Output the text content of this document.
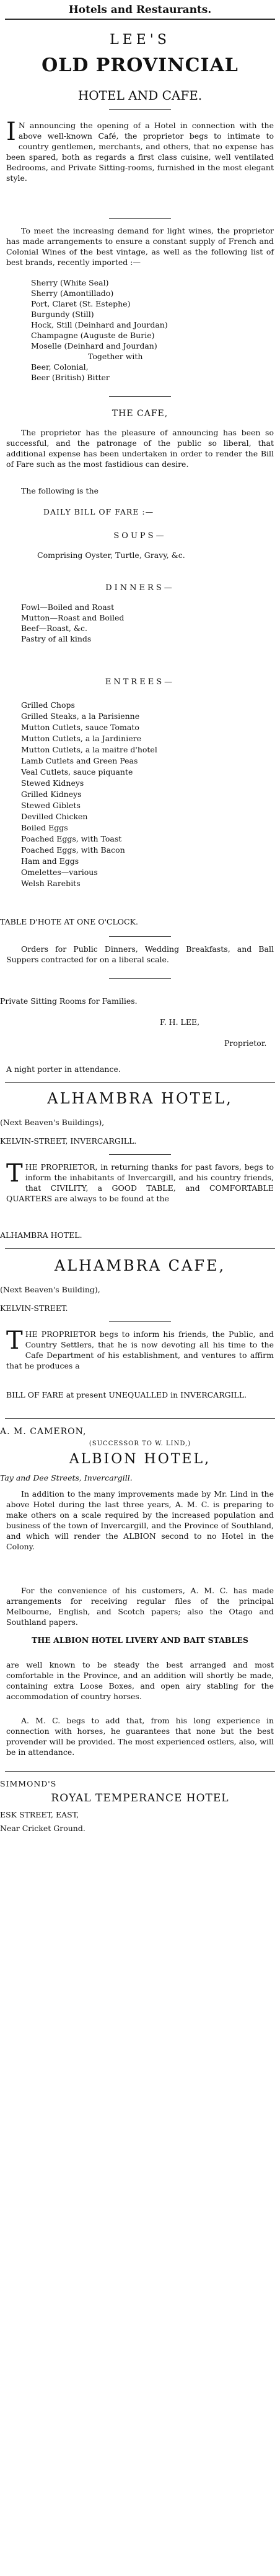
Hotels and Restaurants.
LEE'S
OLD PROVINCIAL
HOTEL AND CAFE.
I N announcing the opening of a Hotel in connection with the above well-known Café, the proprietor begs to intimate to country gentlemen, merchants, and others, that no expense has been spared, both as regards a first class cuisine, well ventilated Bedrooms, and Private Sitting-rooms, furnished in the most elegant style.
To meet the increasing demand for light wines, the proprietor has made arrangements to ensure a constant supply of French and Colonial Wines of the best vintage, as well as the following list of best brands, recently imported :—
Sherry (White Seal)
Sherry (Amontillado)
Port, Claret (St. Estephe)
Burgundy (Still)
Hock, Still (Deinhard and Jourdan)
Champagne (Auguste de Burie)
Moselle (Deinhard and Jourdan)
Together with
Beer, Colonial,
Beer (British) Bitter
THE CAFE,
The proprietor has the pleasure of announcing has been so successful, and the patronage of the public so liberal, that additional expense has been undertaken in order to render the Bill of Fare such as the most fastidious can desire.
The following is the
DAILY BILL OF FARE :—
SOUPS—
Comprising Oyster, Turtle, Gravy, &c.
DINNERS—
Fowl—Boiled and Roast
Mutton—Roast and Boiled
Beef—Roast, &c.
Pastry of all kinds
ENTREES—
Grilled Chops
Grilled Steaks, a la Parisienne
Mutton Cutlets, sauce Tomato
Mutton Cutlets, a la Jardiniere
Mutton Cutlets, a la maitre d'hotel
Lamb Cutlets and Green Peas
Veal Cutlets, sauce piquante
Stewed Kidneys
Grilled Kidneys
Stewed Giblets
Devilled Chicken
Boiled Eggs
Poached Eggs, with Toast
Poached Eggs, with Bacon
Ham and Eggs
Omelettes—various
Welsh Rarebits
TABLE D'HOTE AT ONE O'CLOCK.
Orders for Public Dinners, Wedding Breakfasts, and Ball Suppers contracted for on a liberal scale.
Private Sitting Rooms for Families.
F. H. LEE,
Proprietor.
A night porter in attendance.
ALHAMBRA HOTEL,
(Next Beaven's Buildings),
KELVIN-STREET, INVERCARGILL.
THE PROPRIETOR, in returning thanks for past favors, begs to inform the inhabitants of Invercargill, and his country friends, that CIVILITY, a GOOD TABLE, and COMFORTABLE QUARTERS are always to be found at the
ALHAMBRA HOTEL.
ALHAMBRA CAFE,
(Next Beaven's Building),
KELVIN-STREET.
THE PROPRIETOR begs to inform his friends, the Public, and Country Settlers, that he is now devoting all his time to the Cafe Department of his establishment, and ventures to affirm that he produces a
BILL OF FARE at present UNEQUALLED in INVERCARGILL.
A. M. CAMERON,
(SUCCESSOR TO W. LIND,)
ALBION HOTEL,
Tay and Dee Streets, Invercargill.
In addition to the many improvements made by Mr. Lind in the above Hotel during the last three years, A. M. C. is preparing to make others on a scale required by the increased population and business of the town of Invercargill, and the Province of Southland, and which will render the ALBION second to no Hotel in the Colony.
For the convenience of his customers, A. M. C. has made arrangements for receiving regular files of the principal Melbourne, English, and Scotch papers; also the Otago and Southland papers.
THE ALBION HOTEL LIVERY AND BAIT STABLES
are well known to be steady the best arranged and most comfortable in the Province, and an addition will shortly be made, containing extra Loose Boxes, and open airy stabling for the accommodation of country horses.
A. M. C. begs to add that, from his long experience in connection with horses, he guarantees that none but the best provender will be provided. The most experienced ostlers, also, will be in attendance.
SIMMOND'S
ROYAL TEMPERANCE HOTEL
ESK STREET, EAST,
Near Cricket Ground.
